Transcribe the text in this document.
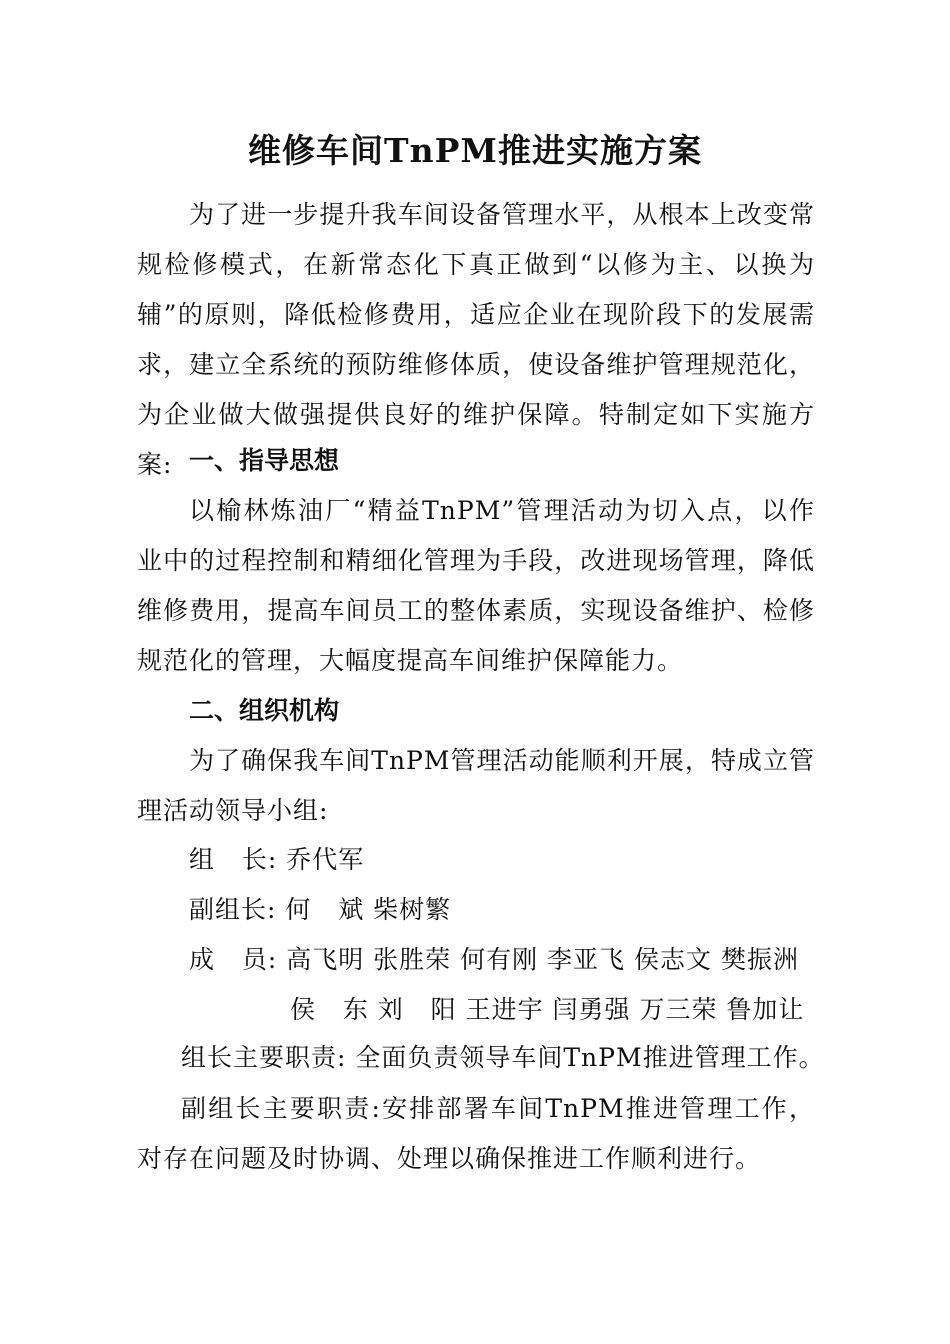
维修车间TnPM推进实施方案
为了进一步提升我车间设备管理水平，从根本上改变常规检修模式，在新常态化下真正做到“以修为主、以换为辅”的原则，降低检修费用，适应企业在现阶段下的发展需求，建立全系统的预防维修体质，使设备维护管理规范化，为企业做大做强提供良好的维护保障。特制定如下实施方案: 一、指导思想
以榆林炼油厂“精益TnPM”管理活动为切入点，以作业中的过程控制和精细化管理为手段，改进现场管理，降低维修费用，提高车间员工的整体素质，实现设备维护、检修规范化的管理，大幅度提高车间维护保障能力。
二、组织机构
为了确保我车间TnPM管理活动能顺利开展，特成立管理活动领导小组:
组   长: 乔代军
副组长: 何   斌 柴树繁
成   员: 高飞明 张胜荣 何有刚 李亚飞 侯志文 樊振洲
侯   东 刘   阳 王进宇 闫勇强 万三荣 鲁加让
组长主要职责: 全面负责领导车间TnPM推进管理工作。
副组长主要职责:安排部署车间TnPM推进管理工作，对存在问题及时协调、处理以确保推进工作顺利进行。
